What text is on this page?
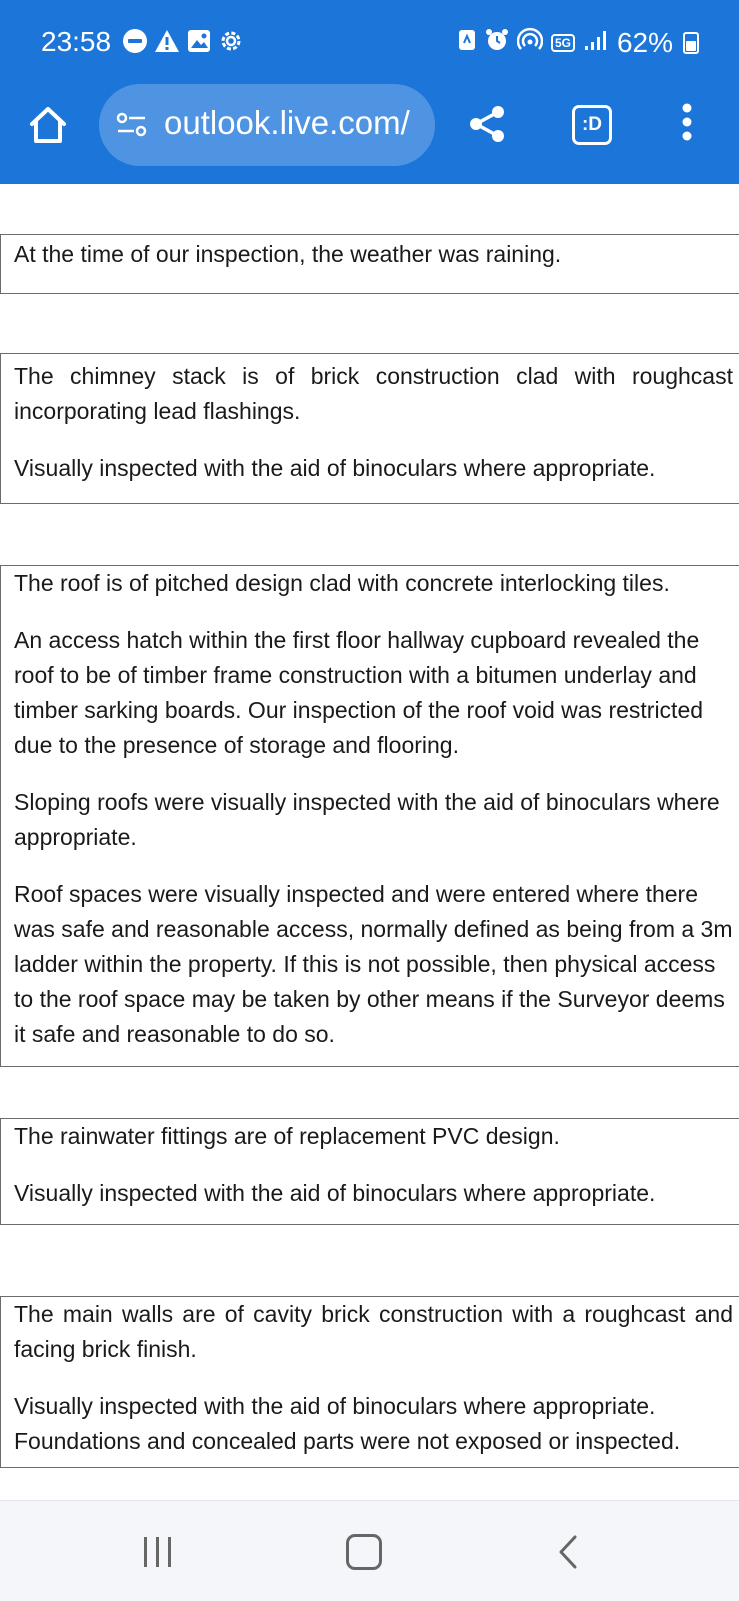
23:58	5G 62%
outlook.live.com/	:D

At the time of our inspection, the weather was raining.

The chimney stack is of brick construction clad with roughcast incorporating lead flashings.

Visually inspected with the aid of binoculars where appropriate.

The roof is of pitched design clad with concrete interlocking tiles.

An access hatch within the first floor hallway cupboard revealed the roof to be of timber frame construction with a bitumen underlay and timber sarking boards. Our inspection of the roof void was restricted due to the presence of storage and flooring.

Sloping roofs were visually inspected with the aid of binoculars where appropriate.

Roof spaces were visually inspected and were entered where there was safe and reasonable access, normally defined as being from a 3m ladder within the property. If this is not possible, then physical access to the roof space may be taken by other means if the Surveyor deems it safe and reasonable to do so.

The rainwater fittings are of replacement PVC design.

Visually inspected with the aid of binoculars where appropriate.

The main walls are of cavity brick construction with a roughcast and facing brick finish.

Visually inspected with the aid of binoculars where appropriate. Foundations and concealed parts were not exposed or inspected.
